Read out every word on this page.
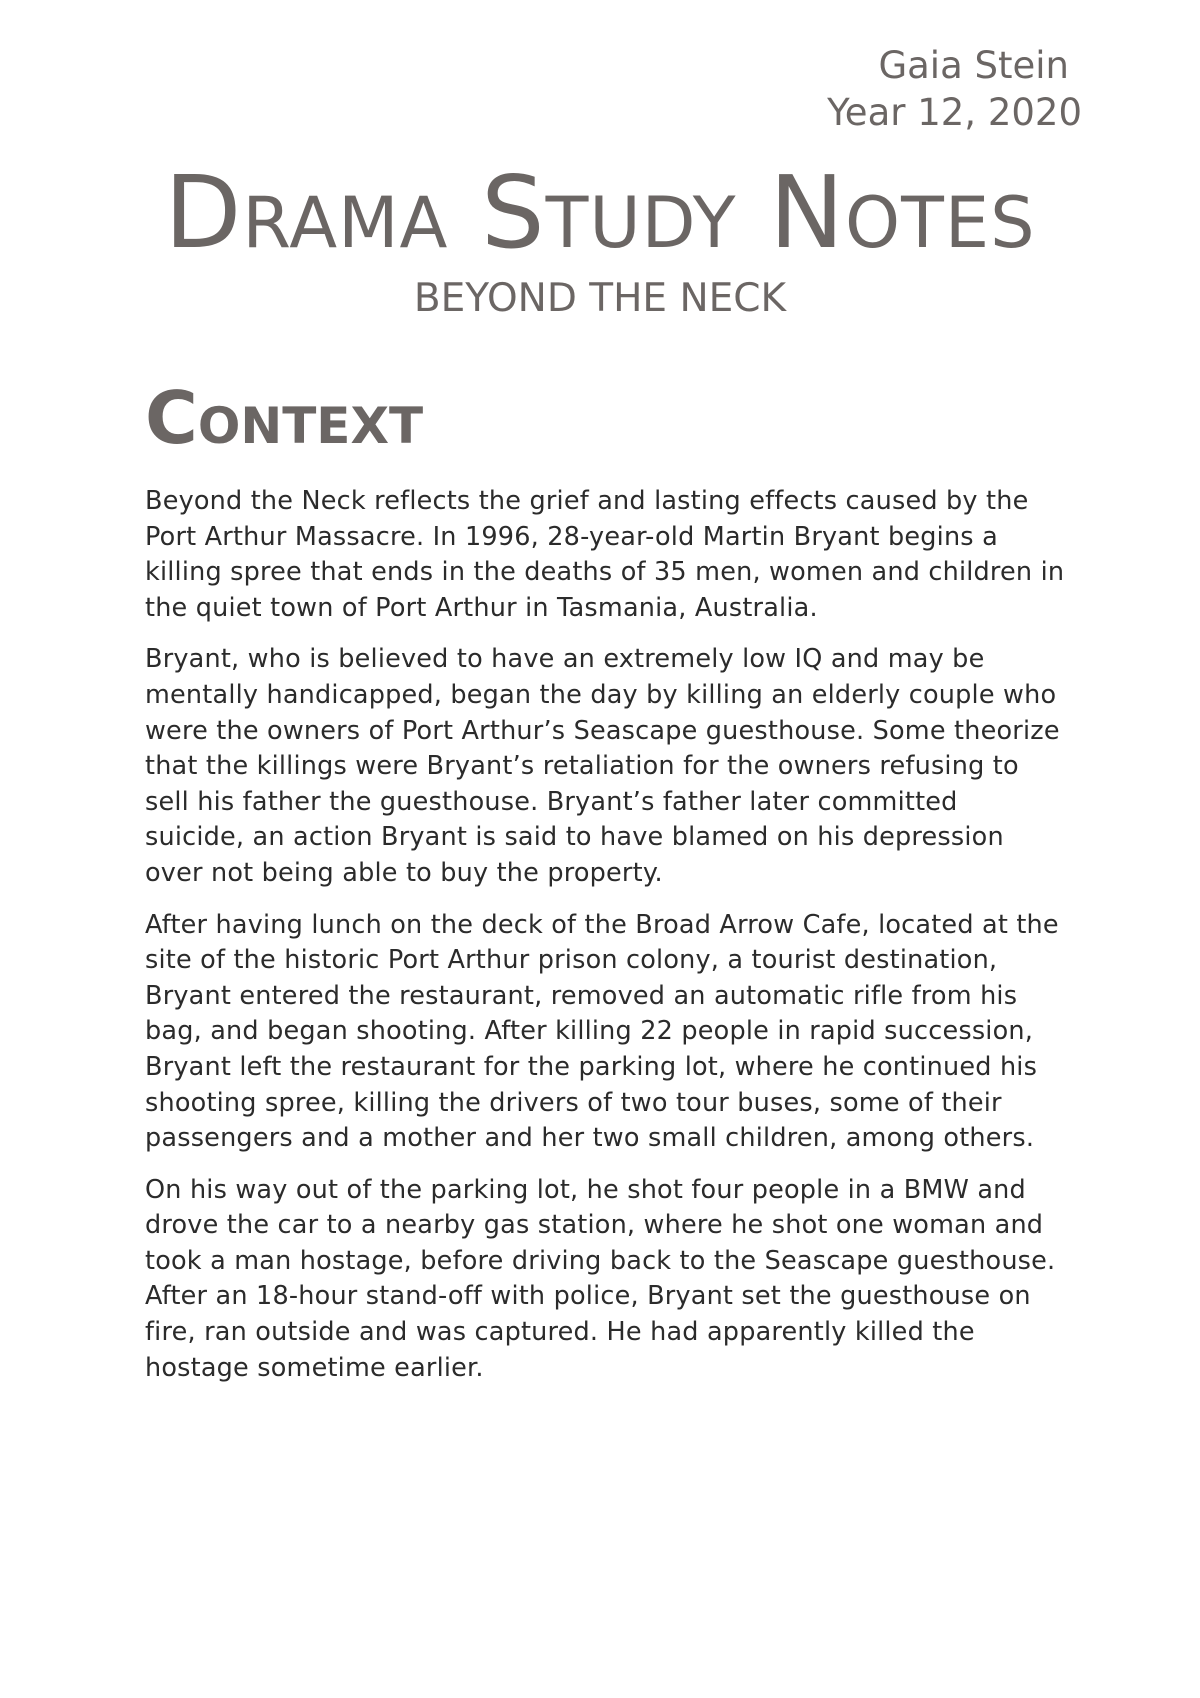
Gaia Stein
Year 12, 2020
Drama Study Notes
BEYOND THE NECK
Context

Beyond the Neck reflects the grief and lasting effects caused by the Port Arthur Massacre. In 1996, 28-year-old Martin Bryant begins a killing spree that ends in the deaths of 35 men, women and children in the quiet town of Port Arthur in Tasmania, Australia.

Bryant, who is believed to have an extremely low IQ and may be mentally handicapped, began the day by killing an elderly couple who were the owners of Port Arthur’s Seascape guesthouse. Some theorize that the killings were Bryant’s retaliation for the owners refusing to sell his father the guesthouse. Bryant’s father later committed suicide, an action Bryant is said to have blamed on his depression over not being able to buy the property.

After having lunch on the deck of the Broad Arrow Cafe, located at the site of the historic Port Arthur prison colony, a tourist destination, Bryant entered the restaurant, removed an automatic rifle from his bag, and began shooting. After killing 22 people in rapid succession, Bryant left the restaurant for the parking lot, where he continued his shooting spree, killing the drivers of two tour buses, some of their passengers and a mother and her two small children, among others.

On his way out of the parking lot, he shot four people in a BMW and drove the car to a nearby gas station, where he shot one woman and took a man hostage, before driving back to the Seascape guesthouse. After an 18-hour stand-off with police, Bryant set the guesthouse on fire, ran outside and was captured. He had apparently killed the hostage sometime earlier.
